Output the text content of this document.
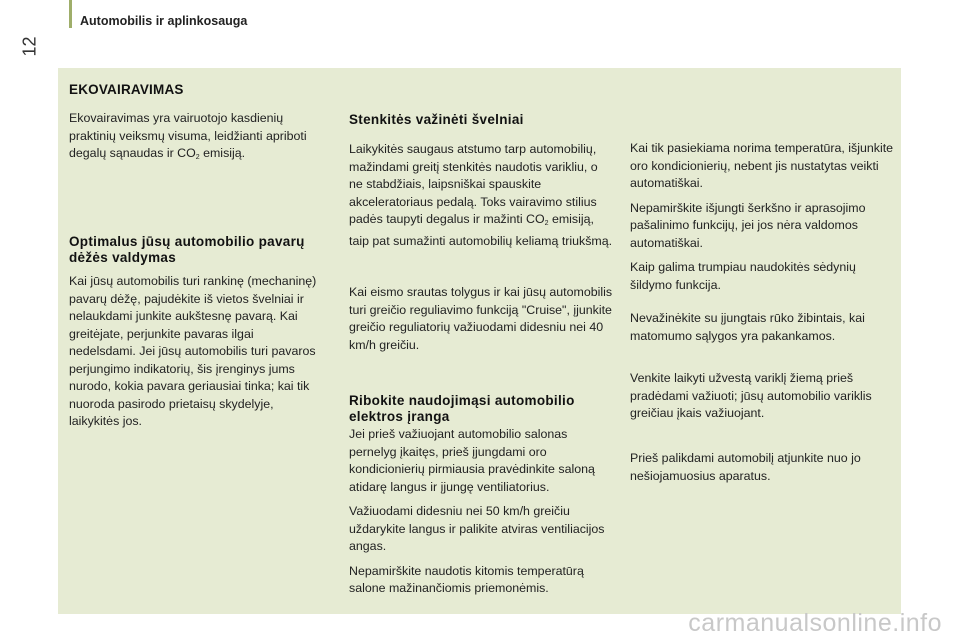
Automobilis ir aplinkosauga
12
EKOVAIRAVIMAS

Ekovairavimas yra vairuotojo kasdienių praktinių veiksmų visuma, leidžianti apriboti degalų sąnaudas ir $CO_2$ emisiją.

Optimalus jūsų automobilio pavarų dėžės valdymas

Kai jūsų automobilis turi rankinę (mechaninę) pavarų dėžę, pajudėkite iš vietos švelniai ir nelaukdami junkite aukštesnę pavarą. Kai greitėjate, perjunkite pavaras ilgai nedelsdami. Jei jūsų automobilis turi pavaros perjungimo indikatorių, šis įrenginys jums nurodo, kokia pavara geriausiai tinka; kai tik nuoroda pasirodo prietaisų skydelyje, laikykitės jos.

Stenkitės važinėti švelniai

Laikykitės saugaus atstumo tarp automobilių, mažindami greitį stenkitės naudotis varikliu, o ne stabdžiais, laipsniškai spauskite akceleratoriaus pedalą. Toks vairavimo stilius padės taupyti degalus ir mažinti $CO_2$ emisiją, taip pat sumažinti automobilių keliamą triukšmą.

Kai eismo srautas tolygus ir kai jūsų automobilis turi greičio reguliavimo funkciją "Cruise", įjunkite greičio reguliatorių važiuodami didesniu nei 40 km/h greičiu.

Ribokite naudojimąsi automobilio elektros įranga

Jei prieš važiuojant automobilio salonas pernelyg įkaitęs, prieš įjungdami oro kondicionierių pirmiausia pravėdinkite saloną atidarę langus ir įjungę ventiliatorius.

Važiuodami didesniu nei 50 km/h greičiu uždarykite langus ir palikite atviras ventiliacijos angas.

Nepamirškite naudotis kitomis temperatūrą salone mažinančiomis priemonėmis.

Kai tik pasiekiama norima temperatūra, išjunkite oro kondicionierių, nebent jis nustatytas veikti automatiškai.

Nepamirškite išjungti šerkšno ir aprasojimo pašalinimo funkcijų, jei jos nėra valdomos automatiškai.

Kaip galima trumpiau naudokitės sėdynių šildymo funkcija.

Nevažinėkite su įjungtais rūko žibintais, kai matomumo sąlygos yra pakankamos.

Venkite laikyti užvestą variklį žiemą prieš pradėdami važiuoti; jūsų automobilio variklis greičiau įkais važiuojant.

Prieš palikdami automobilį atjunkite nuo jo nešiojamuosius aparatus.

carmanualsonline.info
